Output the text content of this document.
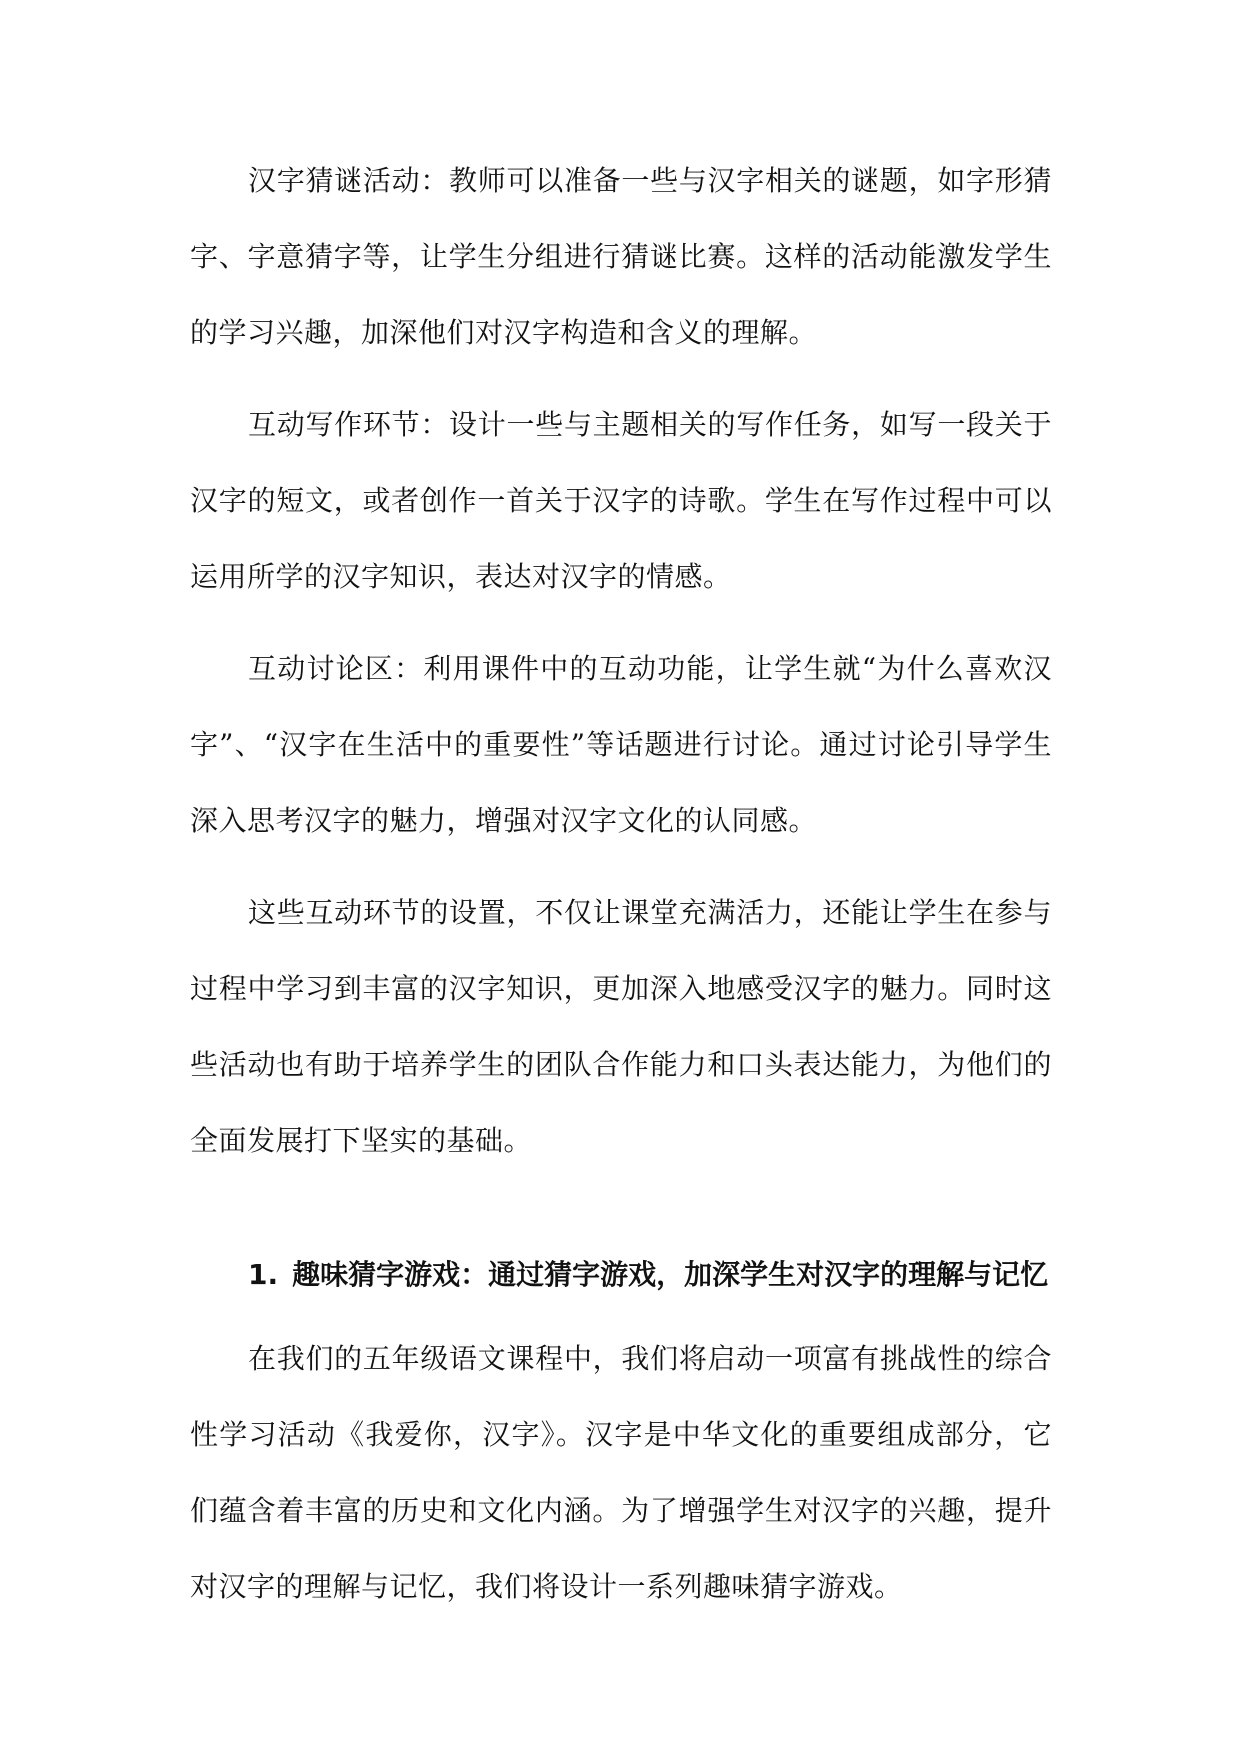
汉字猜谜活动：教师可以准备一些与汉字相关的谜题，如字形猜字、字意猜字等，让学生分组进行猜谜比赛。这样的活动能激发学生的学习兴趣，加深他们对汉字构造和含义的理解。

互动写作环节：设计一些与主题相关的写作任务，如写一段关于汉字的短文，或者创作一首关于汉字的诗歌。学生在写作过程中可以运用所学的汉字知识，表达对汉字的情感。

互动讨论区：利用课件中的互动功能，让学生就“为什么喜欢汉字”、“汉字在生活中的重要性”等话题进行讨论。通过讨论引导学生深入思考汉字的魅力，增强对汉字文化的认同感。

这些互动环节的设置，不仅让课堂充满活力，还能让学生在参与过程中学习到丰富的汉字知识，更加深入地感受汉字的魅力。同时这些活动也有助于培养学生的团队合作能力和口头表达能力，为他们的全面发展打下坚实的基础。

1. 趣味猜字游戏：通过猜字游戏，加深学生对汉字的理解与记忆

在我们的五年级语文课程中，我们将启动一项富有挑战性的综合性学习活动《我爱你，汉字》。汉字是中华文化的重要组成部分，它们蕴含着丰富的历史和文化内涵。为了增强学生对汉字的兴趣，提升对汉字的理解与记忆，我们将设计一系列趣味猜字游戏。
